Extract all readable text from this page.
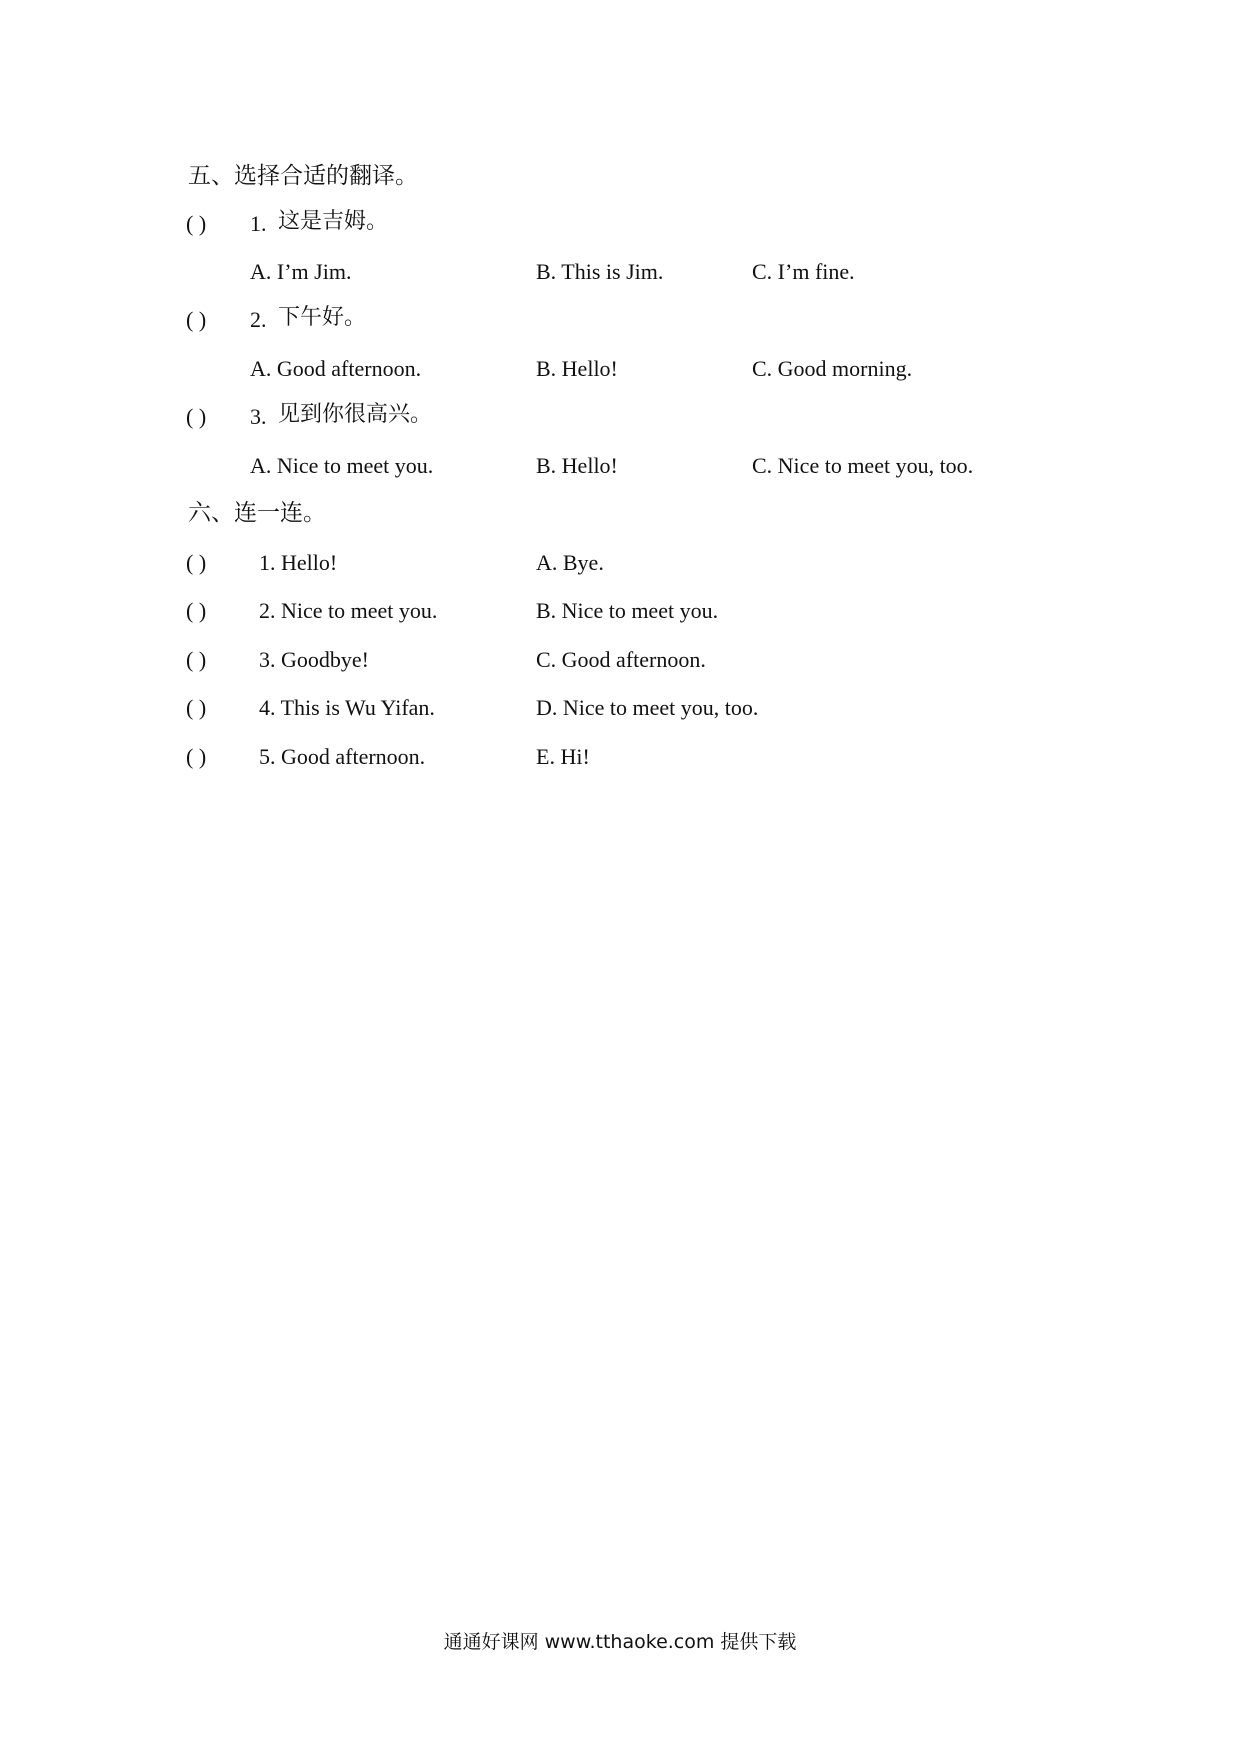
五、选择合适的翻译。
( ) 1. 这是吉姆。
A. I’m Jim.	B. This is Jim.	C. I’m fine.
( ) 2. 下午好。
A. Good afternoon.	B. Hello!	C. Good morning.
( ) 3. 见到你很高兴。
A. Nice to meet you.	B. Hello!	C. Nice to meet you, too.
六、连一连。
( ) 1. Hello!	A. Bye.
( ) 2. Nice to meet you.	B. Nice to meet you.
( ) 3. Goodbye!	C. Good afternoon.
( ) 4. This is Wu Yifan.	D. Nice to meet you, too.
( ) 5. Good afternoon.	E. Hi!
通通好课网 www.tthaoke.com 提供下载
